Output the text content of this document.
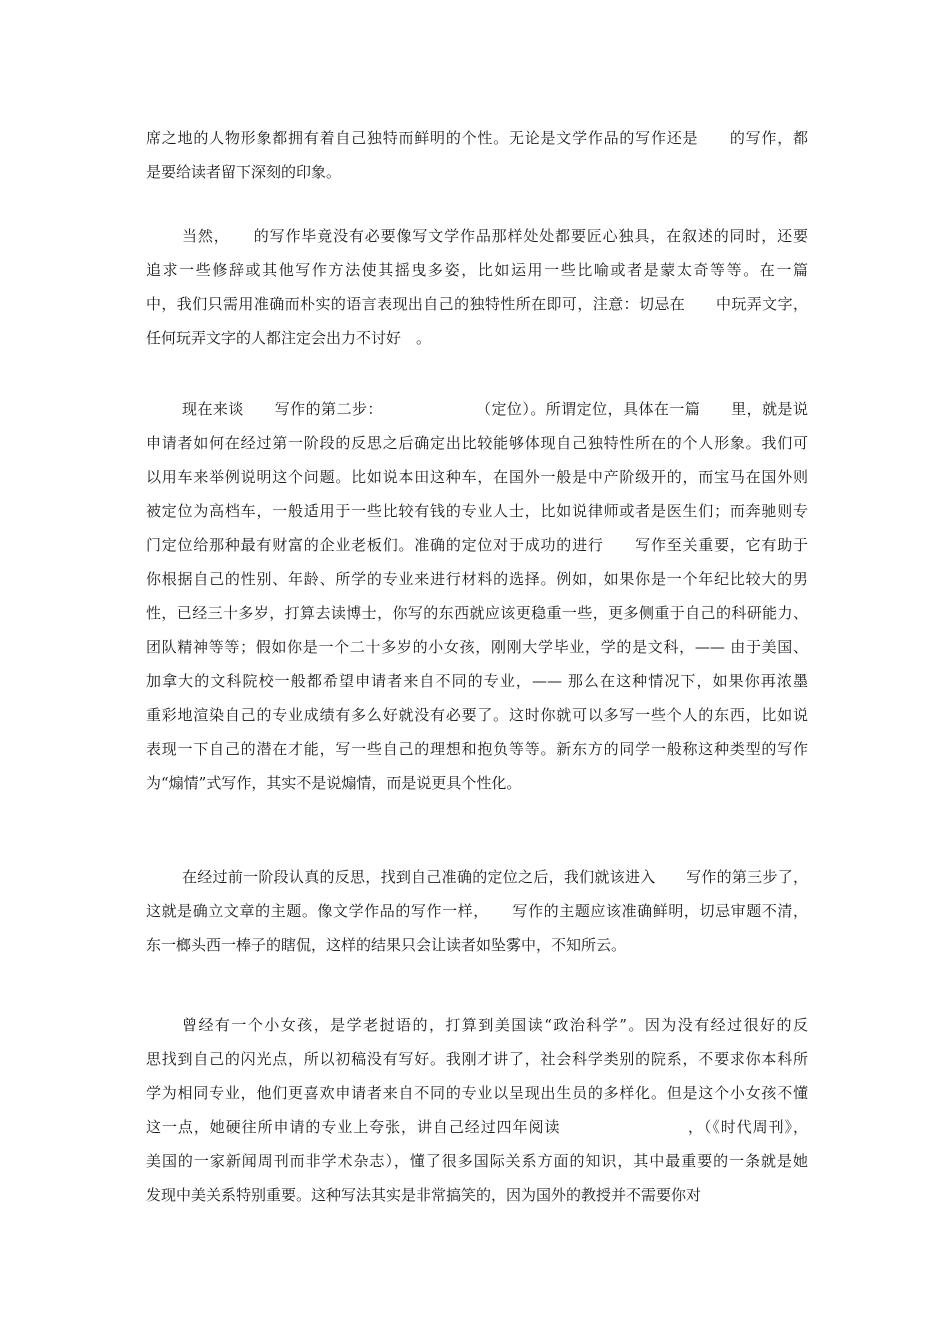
席之地的人物形象都拥有着自己独特而鲜明的个性。无论是文学作品的写作还是　　的写作，都
是要给读者留下深刻的印象。
当然，　　的写作毕竟没有必要像写文学作品那样处处都要匠心独具，在叙述的同时，还要
追求一些修辞或其他写作方法使其摇曳多姿，比如运用一些比喻或者是蒙太奇等等。在一篇
中，我们只需用准确而朴实的语言表现出自己的独特性所在即可，注意：切忌在　　中玩弄文字，
任何玩弄文字的人都注定会出力不讨好　。
现在来谈　　写作的第二步：　　　　　　　（定位）。所谓定位，具体在一篇　　里，就是说
申请者如何在经过第一阶段的反思之后确定出比较能够体现自己独特性所在的个人形象。我们可
以用车来举例说明这个问题。比如说本田这种车，在国外一般是中产阶级开的，而宝马在国外则
被定位为高档车，一般适用于一些比较有钱的专业人士，比如说律师或者是医生们；而奔驰则专
门定位给那种最有财富的企业老板们。准确的定位对于成功的进行　　写作至关重要，它有助于
你根据自己的性别、年龄、所学的专业来进行材料的选择。例如，如果你是一个年纪比较大的男
性，已经三十多岁，打算去读博士，你写的东西就应该更稳重一些，更多侧重于自己的科研能力、
团队精神等等；假如你是一个二十多岁的小女孩，刚刚大学毕业，学的是文科，—— 由于美国、
加拿大的文科院校一般都希望申请者来自不同的专业，—— 那么在这种情况下，如果你再浓墨
重彩地渲染自己的专业成绩有多么好就没有必要了。这时你就可以多写一些个人的东西，比如说
表现一下自己的潜在才能，写一些自己的理想和抱负等等。新东方的同学一般称这种类型的写作
为“煽情”式写作，其实不是说煽情，而是说更具个性化。
在经过前一阶段认真的反思，找到自己准确的定位之后，我们就该进入　　写作的第三步了，
这就是确立文章的主题。像文学作品的写作一样，　　写作的主题应该准确鲜明，切忌审题不清，
东一榔头西一棒子的瞎侃，这样的结果只会让读者如坠雾中，不知所云。
曾经有一个小女孩，是学老挝语的，打算到美国读“政治科学”。因为没有经过很好的反
思找到自己的闪光点，所以初稿没有写好。我刚才讲了，社会科学类别的院系，不要求你本科所
学为相同专业，他们更喜欢申请者来自不同的专业以呈现出生员的多样化。但是这个小女孩不懂
这一点，她硬往所申请的专业上夸张，讲自己经过四年阅读　　　　　　　　，（《时代周刊》，
美国的一家新闻周刊而非学术杂志），懂了很多国际关系方面的知识，其中最重要的一条就是她
发现中美关系特别重要。这种写法其实是非常搞笑的，因为国外的教授并不需要你对
